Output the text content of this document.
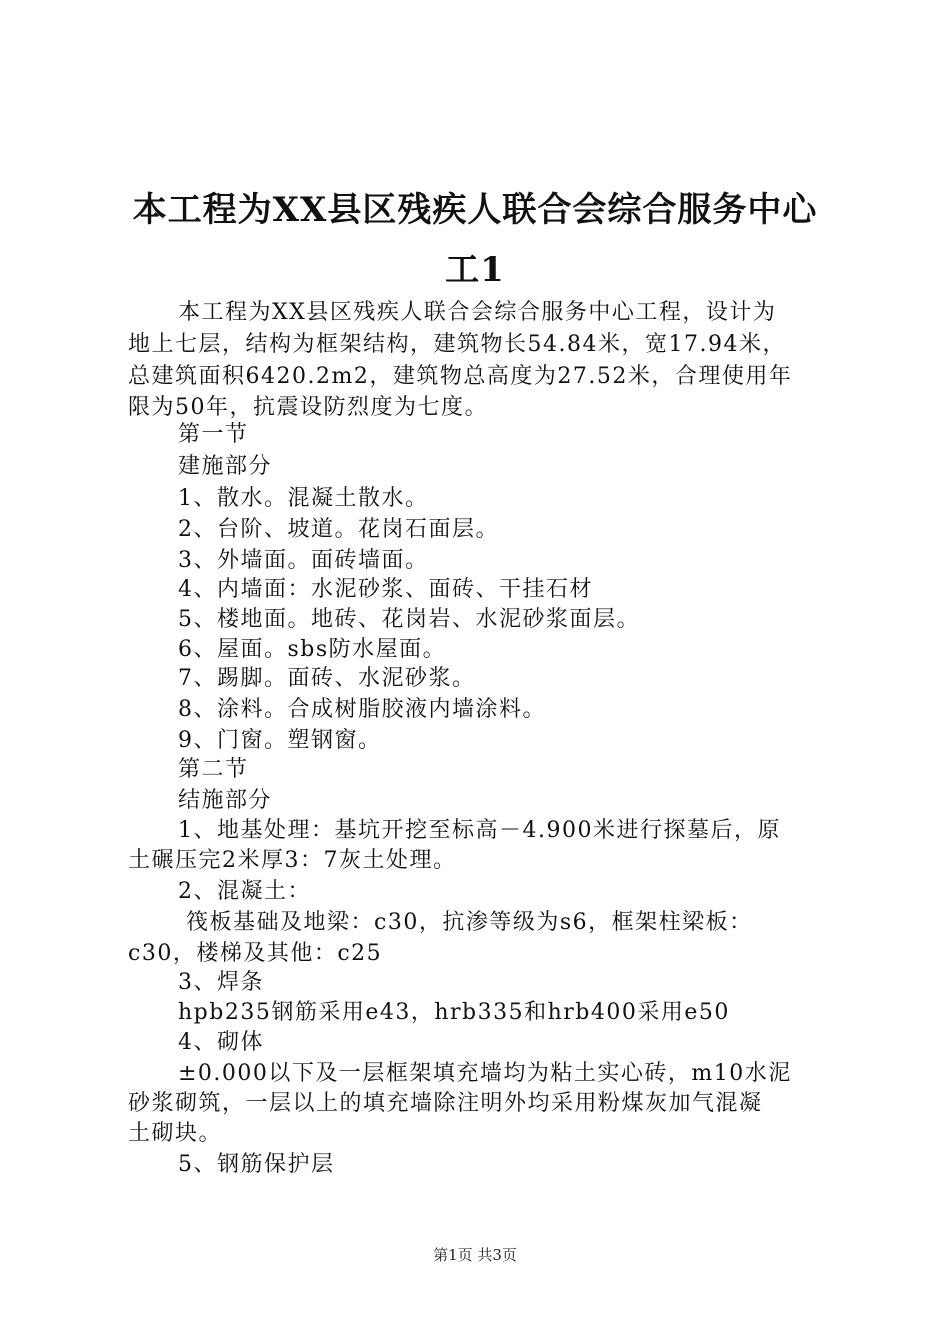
本工程为XX县区残疾人联合会综合服务中心
工1
本工程为XX县区残疾人联合会综合服务中心工程，设计为
地上七层，结构为框架结构，建筑物长54.84米，宽17.94米，
总建筑面积6420.2m2，建筑物总高度为27.52米，合理使用年
限为50年，抗震设防烈度为七度。
第一节
建施部分
1、散水。混凝土散水。
2、台阶、坡道。花岗石面层。
3、外墙面。面砖墙面。
4、内墙面：水泥砂浆、面砖、干挂石材
5、楼地面。地砖、花岗岩、水泥砂浆面层。
6、屋面。sbs防水屋面。
7、踢脚。面砖、水泥砂浆。
8、涂料。合成树脂胶液内墙涂料。
9、门窗。塑钢窗。
第二节
结施部分
1、地基处理：基坑开挖至标高－4.900米进行探墓后，原
土碾压完2米厚3：7灰土处理。
2、混凝土：
筏板基础及地梁：c30，抗渗等级为s6，框架柱梁板：
c30，楼梯及其他：c25
3、焊条
hpb235钢筋采用e43，hrb335和hrb400采用e50
4、砌体
±0.000以下及一层框架填充墙均为粘土实心砖，m10水泥
砂浆砌筑，一层以上的填充墙除注明外均采用粉煤灰加气混凝
土砌块。
5、钢筋保护层
第1页 共3页
